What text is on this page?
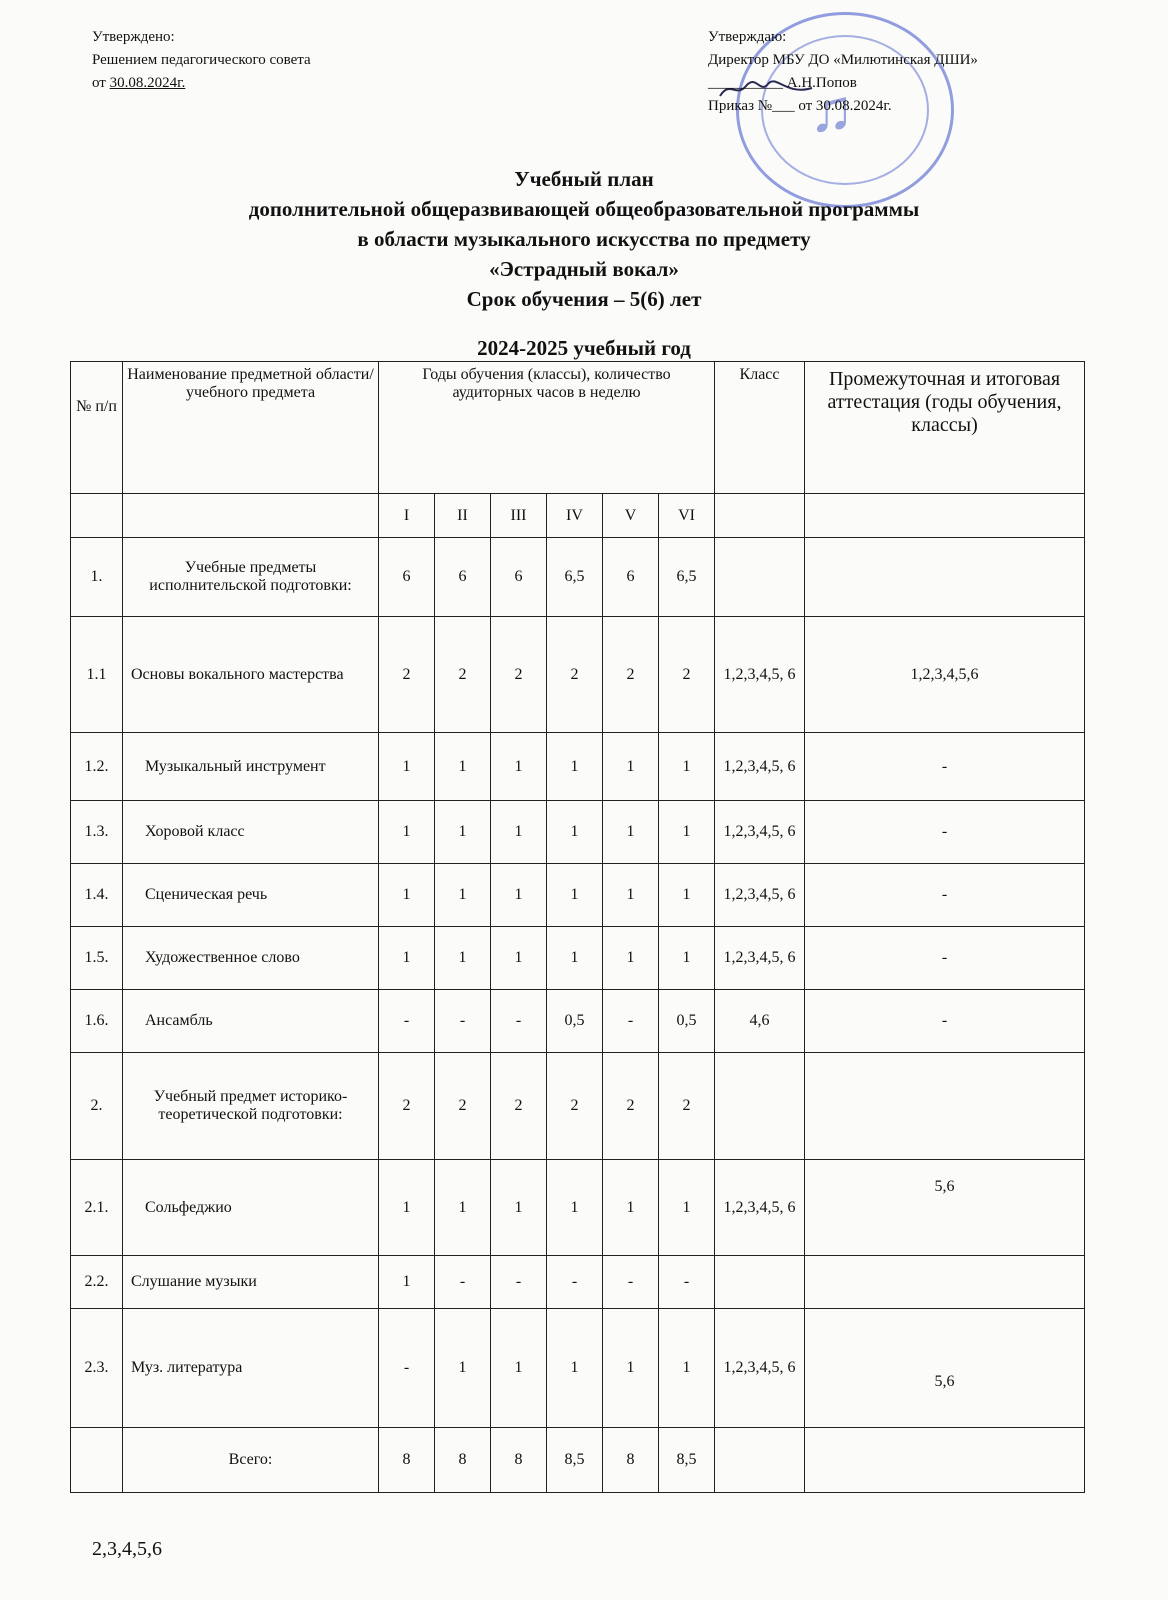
Утверждено:
Решением педагогического совета
от 30.08.2024г.	♫
Утверждаю:
Директор МБУ ДО «Милютинская ДШИ»
__________ А.Н.Попов
Приказ №___ от 30.08.2024г.
Учебный план
дополнительной общеразвивающей общеобразовательной программы
в области музыкального искусства по предмету
«Эстрадный вокал»
Срок обучения – 5(6) лет
2024-2025 учебный год
№ п/п	Наименование предметной области/учебного предмета	Годы обучения (классы), количество аудиторных часов в неделю						Класс	Промежуточная и итоговая аттестация (годы обучения, классы)
		I	II	III	IV	V	VI		
1.	Учебные предметы исполнительской подготовки:	6	6	6	6,5	6	6,5		
1.1	Основы вокального мастерства	2	2	2	2	2	2	1,2,3,4,5, 6	1,2,3,4,5,6
1.2.	Музыкальный инструмент	1	1	1	1	1	1	1,2,3,4,5, 6	-
1.3.	Хоровой класс	1	1	1	1	1	1	1,2,3,4,5, 6	-
1.4.	Сценическая речь	1	1	1	1	1	1	1,2,3,4,5, 6	-
1.5.	Художественное слово	1	1	1	1	1	1	1,2,3,4,5, 6	-
1.6.	Ансамбль	-	-	-	0,5	-	0,5	4,6	-
2.	Учебный предмет историко-теоретической подготовки:	2	2	2	2	2	2		
2.1.	Сольфеджио	1	1	1	1	1	1	1,2,3,4,5, 6	5,6
2.2.	Слушание музыки	1	-	-	-	-	-		
2.3.	Муз. литература	-	1	1	1	1	1	1,2,3,4,5, 6	5,6
	Всего:	8	8	8	8,5	8	8,5		
2,3,4,5,6
